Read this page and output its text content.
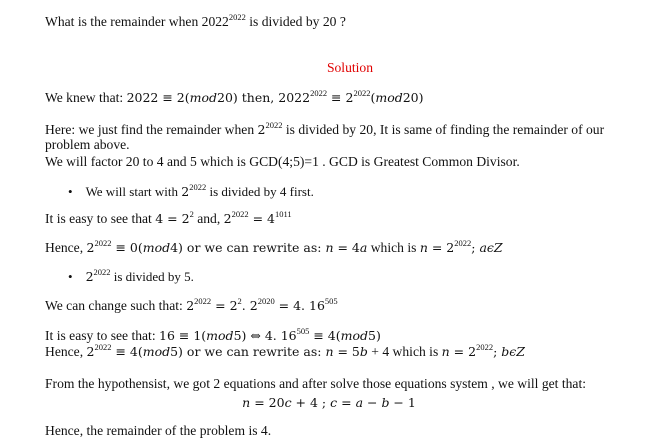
What is the remainder when $2022^{2022}$ is divided by 20 ?
Solution
We knew that: 2022 ≡ 2(mod20) then, $2022^{2022} \equiv 2^{2022}(mod20)$
Here: we just find the remainder when $2^{2022}$ is divided by 20, It is same of finding the remainder of our
problem above.
We will factor 20 to 4 and 5 which is GCD(4;5)=1 . GCD is Greatest Common Divisor.
• We will start with $2^{2022}$ is divided by 4 first.
It is easy to see that $4 = 2^2$ and, $2^{2022} = 4^{1011}$
Hence, $2^{2022} \equiv 0(mod4)$ or we can rewrite as: n = 4a which is $n = 2^{2022}$; aϵZ
• $2^{2022}$ is divided by 5.
We can change such that: $2^{2022} = 2^2$. $2^{2020} = 4$. $16^{505}$
It is easy to see that: 16 ≡ 1(mod5) ⇔ 4. $16^{505} \equiv 4(mod5)$
Hence, $2^{2022} \equiv 4(mod5)$ or we can rewrite as: n = 5b + 4 which is $n = 2^{2022}$; bϵZ
From the hypothensist, we got 2 equations and after solve those equations system , we will get that:
n = 20c + 4 ; c = a − b − 1
Hence, the remainder of the problem is 4.
